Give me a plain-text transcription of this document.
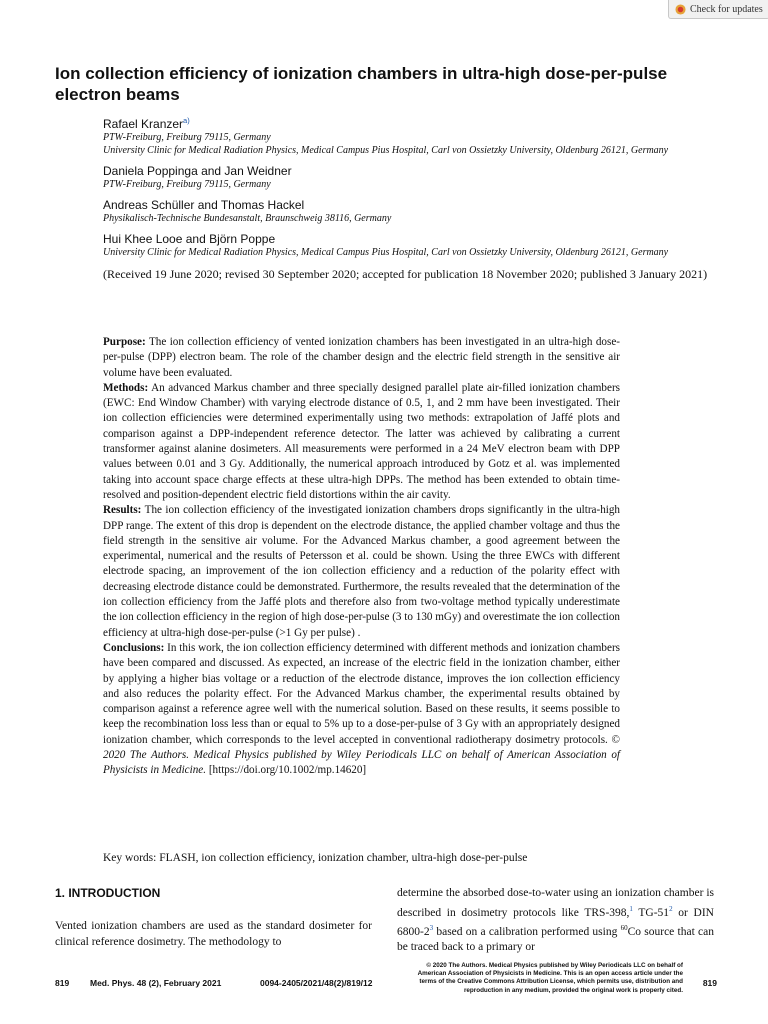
Check for updates
Ion collection efficiency of ionization chambers in ultra-high dose-per-pulse electron beams
Rafael Kranzer$^{a)}$
PTW-Freiburg, Freiburg 79115, Germany
University Clinic for Medical Radiation Physics, Medical Campus Pius Hospital, Carl von Ossietzky University, Oldenburg 26121, Germany
Daniela Poppinga and Jan Weidner
PTW-Freiburg, Freiburg 79115, Germany
Andreas Schüller and Thomas Hackel
Physikalisch-Technische Bundesanstalt, Braunschweig 38116, Germany
Hui Khee Looe and Björn Poppe
University Clinic for Medical Radiation Physics, Medical Campus Pius Hospital, Carl von Ossietzky University, Oldenburg 26121, Germany
(Received 19 June 2020; revised 30 September 2020; accepted for publication 18 November 2020; published 3 January 2021)

Purpose: The ion collection efficiency of vented ionization chambers has been investigated in an ultra-high dose-per-pulse (DPP) electron beam. The role of the chamber design and the electric field strength in the sensitive air volume have been evaluated.

Methods: An advanced Markus chamber and three specially designed parallel plate air-filled ionization chambers (EWC: End Window Chamber) with varying electrode distance of 0.5, 1, and 2 mm have been investigated. Their ion collection efficiencies were determined experimentally using two methods: extrapolation of Jaffé plots and comparison against a DPP-independent reference detector. The latter was achieved by calibrating a current transformer against alanine dosimeters. All measurements were performed in a 24 MeV electron beam with DPP values between 0.01 and 3 Gy. Additionally, the numerical approach introduced by Gotz et al. was implemented taking into account space charge effects at these ultra-high DPPs. The method has been extended to obtain time-resolved and position-dependent electric field distortions within the air cavity.

Results: The ion collection efficiency of the investigated ionization chambers drops significantly in the ultra-high DPP range. The extent of this drop is dependent on the electrode distance, the applied chamber voltage and thus the field strength in the sensitive air volume. For the Advanced Markus chamber, a good agreement between the experimental, numerical and the results of Petersson et al. could be shown. Using the three EWCs with different electrode spacing, an improvement of the ion collection efficiency and a reduction of the polarity effect with decreasing electrode distance could be demonstrated. Furthermore, the results revealed that the determination of the ion collection efficiency from the Jaffé plots and therefore also from two-voltage method typically underestimate the ion collection efficiency in the region of high dose-per-pulse (3 to 130 mGy) and overestimate the ion collection efficiency at ultra-high dose-per-pulse (>1 Gy per pulse) .

Conclusions: In this work, the ion collection efficiency determined with different methods and ionization chambers have been compared and discussed. As expected, an increase of the electric field in the ionization chamber, either by applying a higher bias voltage or a reduction of the electrode distance, improves the ion collection efficiency and also reduces the polarity effect. For the Advanced Markus chamber, the experimental results obtained by comparison against a reference agree well with the numerical solution. Based on these results, it seems possible to keep the recombination loss less than or equal to 5% up to a dose-per-pulse of 3 Gy with an appropriately designed ionization chamber, which corresponds to the level accepted in conventional radiotherapy dosimetry protocols. © 2020 The Authors. Medical Physics published by Wiley Periodicals LLC on behalf of American Association of Physicists in Medicine. [https://doi.org/10.1002/mp.14620]

Key words: FLASH, ion collection efficiency, ionization chamber, ultra-high dose-per-pulse
1. INTRODUCTION

Vented ionization chambers are used as the standard dosimeter for clinical reference dosimetry. The methodology to

determine the absorbed dose-to-water using an ionization chamber is described in dosimetry protocols like TRS-398,$^1$ TG-51$^2$ or DIN 6800-2$^3$ based on a calibration performed using $^{60}$Co source that can be traced back to a primary or

819 Med. Phys. 48 (2), February 2021	0094-2405/2021/48(2)/819/12
© 2020 The Authors. Medical Physics published by Wiley Periodicals LLC on behalf of American Association of Physicists in Medicine. This is an open access article under the terms of the Creative Commons Attribution License, which permits use, distribution and reproduction in any medium, provided the original work is properly cited.
819
